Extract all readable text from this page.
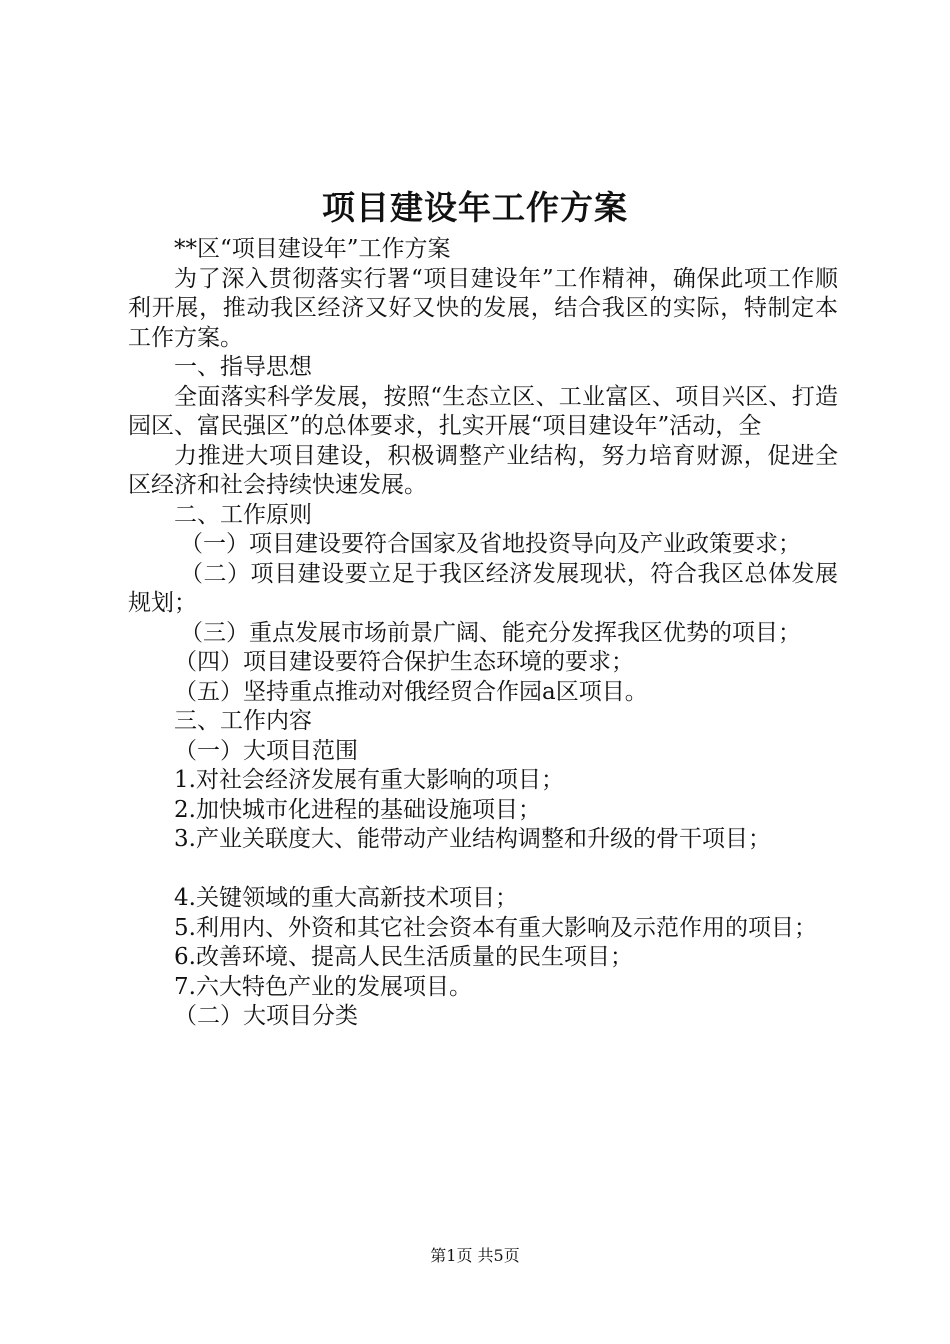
项目建设年工作方案

**区“项目建设年”工作方案

为了深入贯彻落实行署“项目建设年”工作精神，确保此项工作顺利开展，推动我区经济又好又快的发展，结合我区的实际，特制定本工作方案。

一、指导思想

全面落实科学发展，按照“生态立区、工业富区、项目兴区、打造园区、富民强区”的总体要求，扎实开展“项目建设年”活动，全

力推进大项目建设，积极调整产业结构，努力培育财源，促进全区经济和社会持续快速发展。

二、工作原则

（一）项目建设要符合国家及省地投资导向及产业政策要求；

（二）项目建设要立足于我区经济发展现状，符合我区总体发展规划；

（三）重点发展市场前景广阔、能充分发挥我区优势的项目；

（四）项目建设要符合保护生态环境的要求；

（五）坚持重点推动对俄经贸合作园a区项目。

三、工作内容

（一）大项目范围

1.对社会经济发展有重大影响的项目；

2.加快城市化进程的基础设施项目；

3.产业关联度大、能带动产业结构调整和升级的骨干项目；

4.关键领域的重大高新技术项目；

5.利用内、外资和其它社会资本有重大影响及示范作用的项目；

6.改善环境、提高人民生活质量的民生项目；

7.六大特色产业的发展项目。

（二）大项目分类

第1页 共5页
